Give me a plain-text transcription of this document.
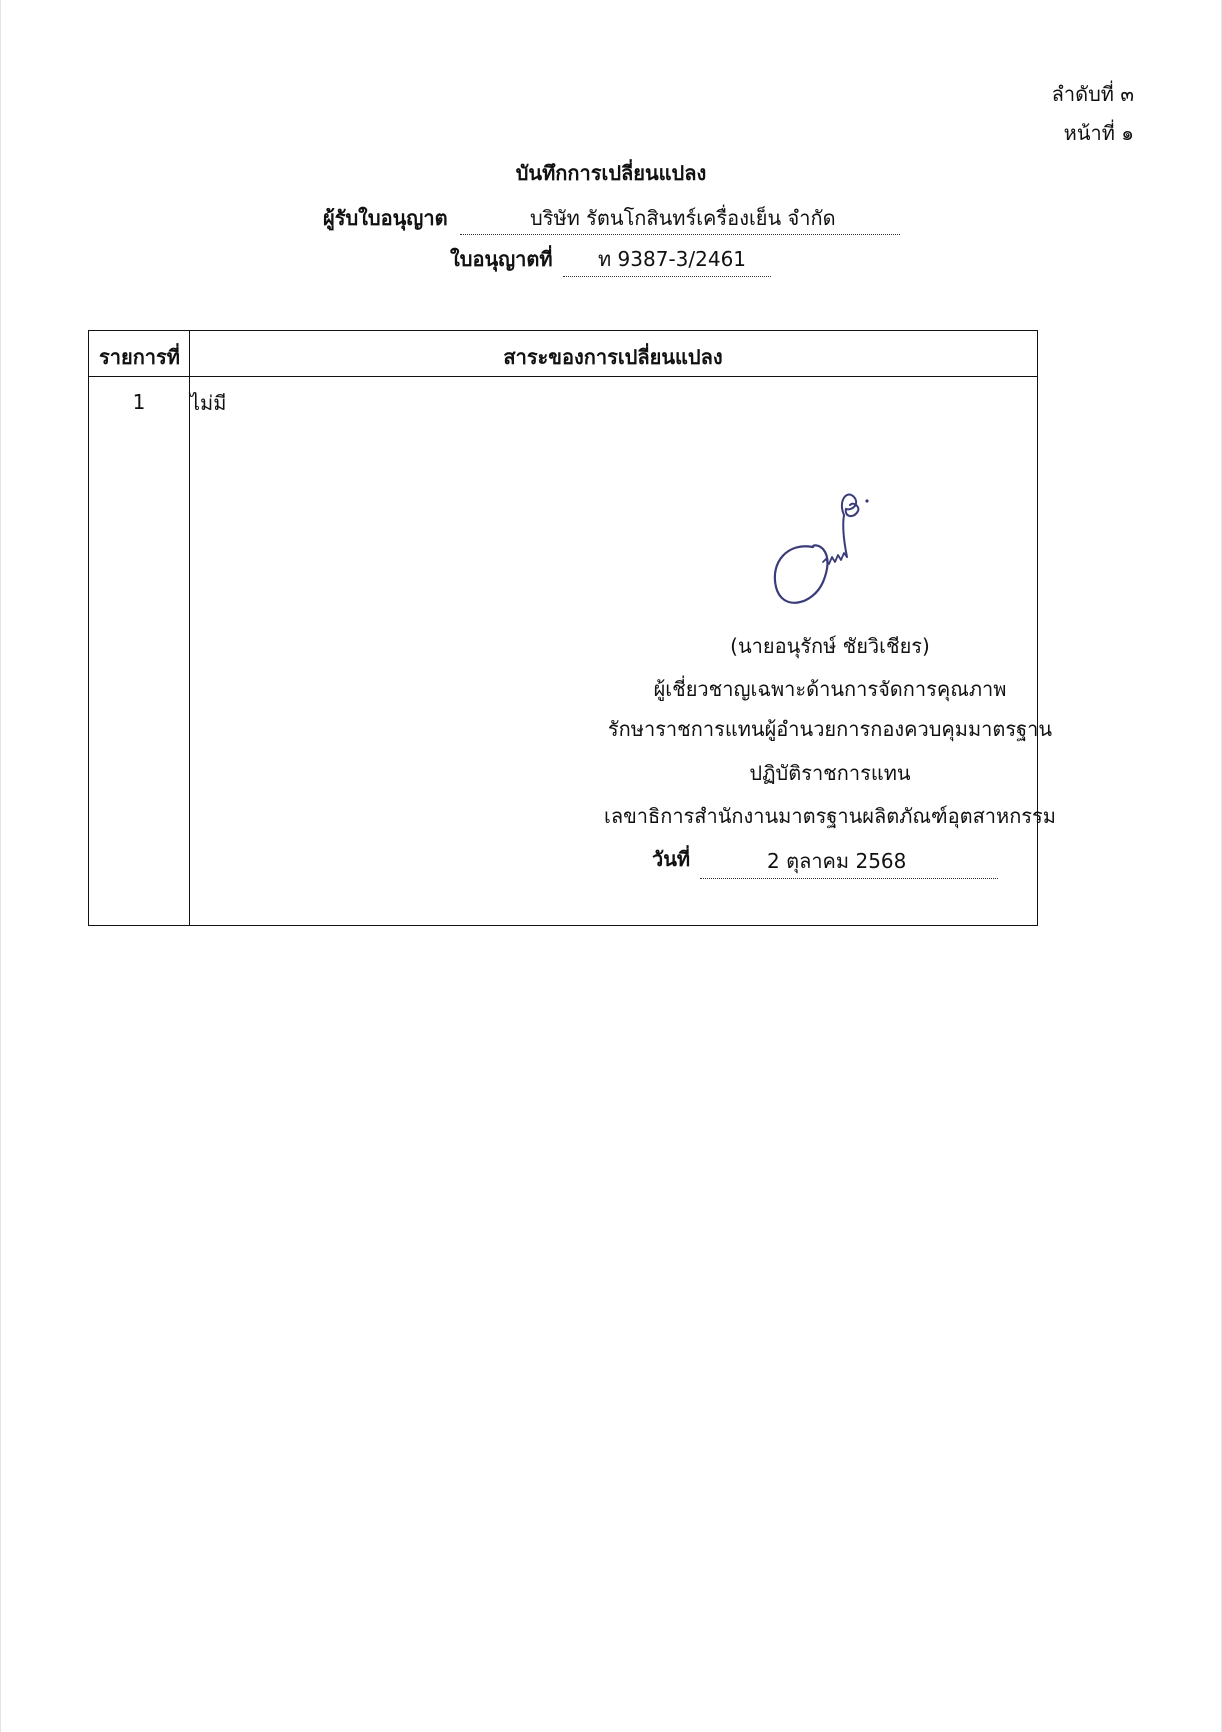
ลำดับที่ ๓
หน้าที่ ๑
บันทึกการเปลี่ยนแปลง
ผู้รับใบอนุญาต	บริษัท รัตนโกสินทร์เครื่องเย็น จำกัด
ใบอนุญาตที่ ท 9387-3/2461
รายการที่	สาระของการเปลี่ยนแปลง
1	ไม่มี
(นายอนุรักษ์ ชัยวิเชียร)
ผู้เชี่ยวชาญเฉพาะด้านการจัดการคุณภาพ
รักษาราชการแทนผู้อำนวยการกองควบคุมมาตรฐาน
ปฏิบัติราชการแทน
เลขาธิการสำนักงานมาตรฐานผลิตภัณฑ์อุตสาหกรรม
วันที่	2 ตุลาคม 2568
